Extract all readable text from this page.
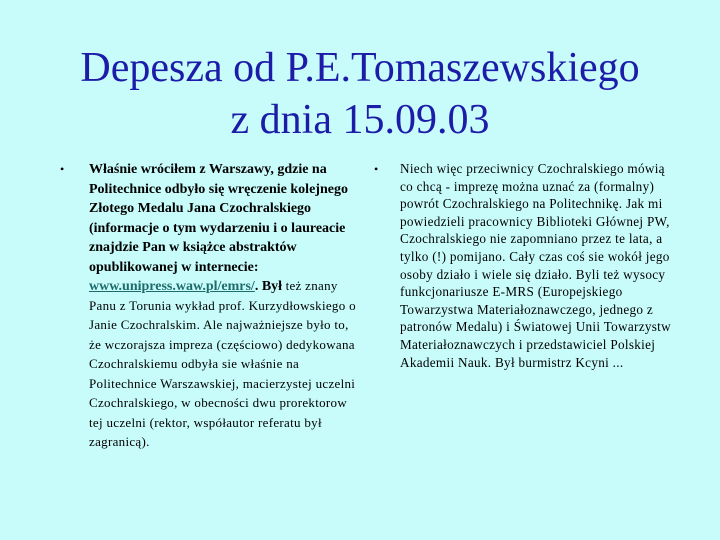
Depesza od P.E.Tomaszewskiego
z dnia 15.09.03
• Właśnie wróciłem z Warszawy, gdzie na Politechnice odbyło się wręczenie kolejnego Złotego Medalu Jana Czochralskiego (informacje o tym wydarzeniu i o laureacie znajdzie Pan w książce abstraktów opublikowanej w internecie: www.unipress.waw.pl/emrs/. Był też znany Panu z Torunia wykład prof. Kurzydłowskiego o Janie Czochralskim. Ale najważniejsze było to, że wczorajsza impreza (częściowo) dedykowana Czochralskiemu odbyła sie właśnie na Politechnice Warszawskiej, macierzystej uczelni Czochralskiego, w obecności dwu prorektorow tej uczelni (rektor, współautor referatu był zagranicą).
• Niech więc przeciwnicy Czochralskiego mówią co chcą - imprezę można uznać za (formalny) powrót Czochralskiego na Politechnikę. Jak mi powiedzieli pracownicy Biblioteki Głównej PW, Czochralskiego nie zapomniano przez te lata, a tylko (!) pomijano. Cały czas coś sie wokół jego osoby działo i wiele się działo. Byli też wysocy funkcjonariusze E-MRS (Europejskiego Towarzystwa Materiałoznawczego, jednego z patronów Medalu) i Światowej Unii Towarzystw Materiałoznawczych i przedstawiciel Polskiej Akademii Nauk. Był burmistrz Kcyni ...
